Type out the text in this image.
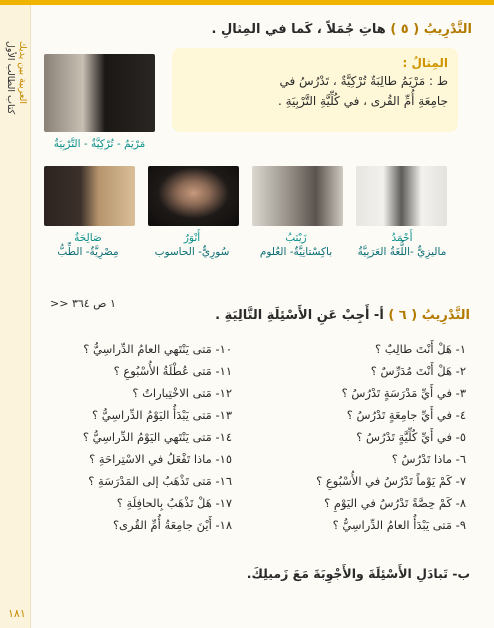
العربية بين يديك
كتاب الطالب الأول
١٨١
التَّدْرِيبُ ( ٥ ) هاتِ جُمَلاً ، كَما في المِثالِ .
المِثالُ :
ط : مَرْيَمُ طالِبَةٌ تُرْكِيَّةٌ ، تَدْرُسُ في
جامِعَةِ أُمِّ القُرى ، في كُلِّيَّةِ التَّرْبِيَةِ .
مَرْيَمُ - تُرْكِيَّةٌ - التَّرْبِيَةُ
صَالِحَةُ
مِصْرِيَّةٌ- الطِّبُّ
أَنْوَرُ
سُورِيٌّ- الحاسوب
زَيْنَبُ
باكِسْتانِيَّةٌ- العُلوم
أَحْمَدُ
ماليزِيٌّ -اللُّغَةُ العَرَبِيَّةُ
>> ١ ص ٣٦٤
التَّدْرِيبُ ( ٦ ) أ- أَجِبْ عَنِ الأَسْئِلَةِ التَّالِيَةِ .
١- هَلْ أَنْتَ طالِبٌ ؟
٢- هَلْ أَنْتَ مُدَرِّسٌ ؟
٣- في أَيِّ مَدْرَسَةٍ تَدْرُسُ ؟
٤- في أَيِّ جامِعَةٍ تَدْرُسُ ؟
٥- في أَيِّ كُلِّيَّةٍ تَدْرُسُ ؟
٦- ماذا تَدْرُسُ ؟
٧- كَمْ يَوْماً تَدْرُسُ في الأُسْبُوعِ ؟
٨- كَمْ حِصَّةً تَدْرُسُ في اليَوْمِ ؟
٩- مَتى يَبْدَأُ العامُ الدِّراسِيُّ ؟
١٠- مَتى يَنْتَهي العامُ الدِّراسِيُّ ؟
١١- مَتى عُطْلَةُ الأُسْبُوعِ ؟
١٢- مَتى الاخْتِباراتُ ؟
١٣- مَتى يَبْدَأُ اليَوْمُ الدِّراسِيُّ ؟
١٤- مَتى يَنْتَهي اليَوْمُ الدِّراسِيُّ ؟
١٥- ماذا تَفْعَلُ في الاسْتِراحَةِ ؟
١٦- مَتى تَذْهَبُ إلى المَدْرَسَةِ ؟
١٧- هَلْ تَذْهَبُ بِالحافِلَةِ ؟
١٨- أَيْنَ جامِعَةُ أُمِّ القُرى؟
ب- تَبادَلِ الأَسْئِلَةَ والأَجْوِبَةَ مَعَ زَميلِكَ.
